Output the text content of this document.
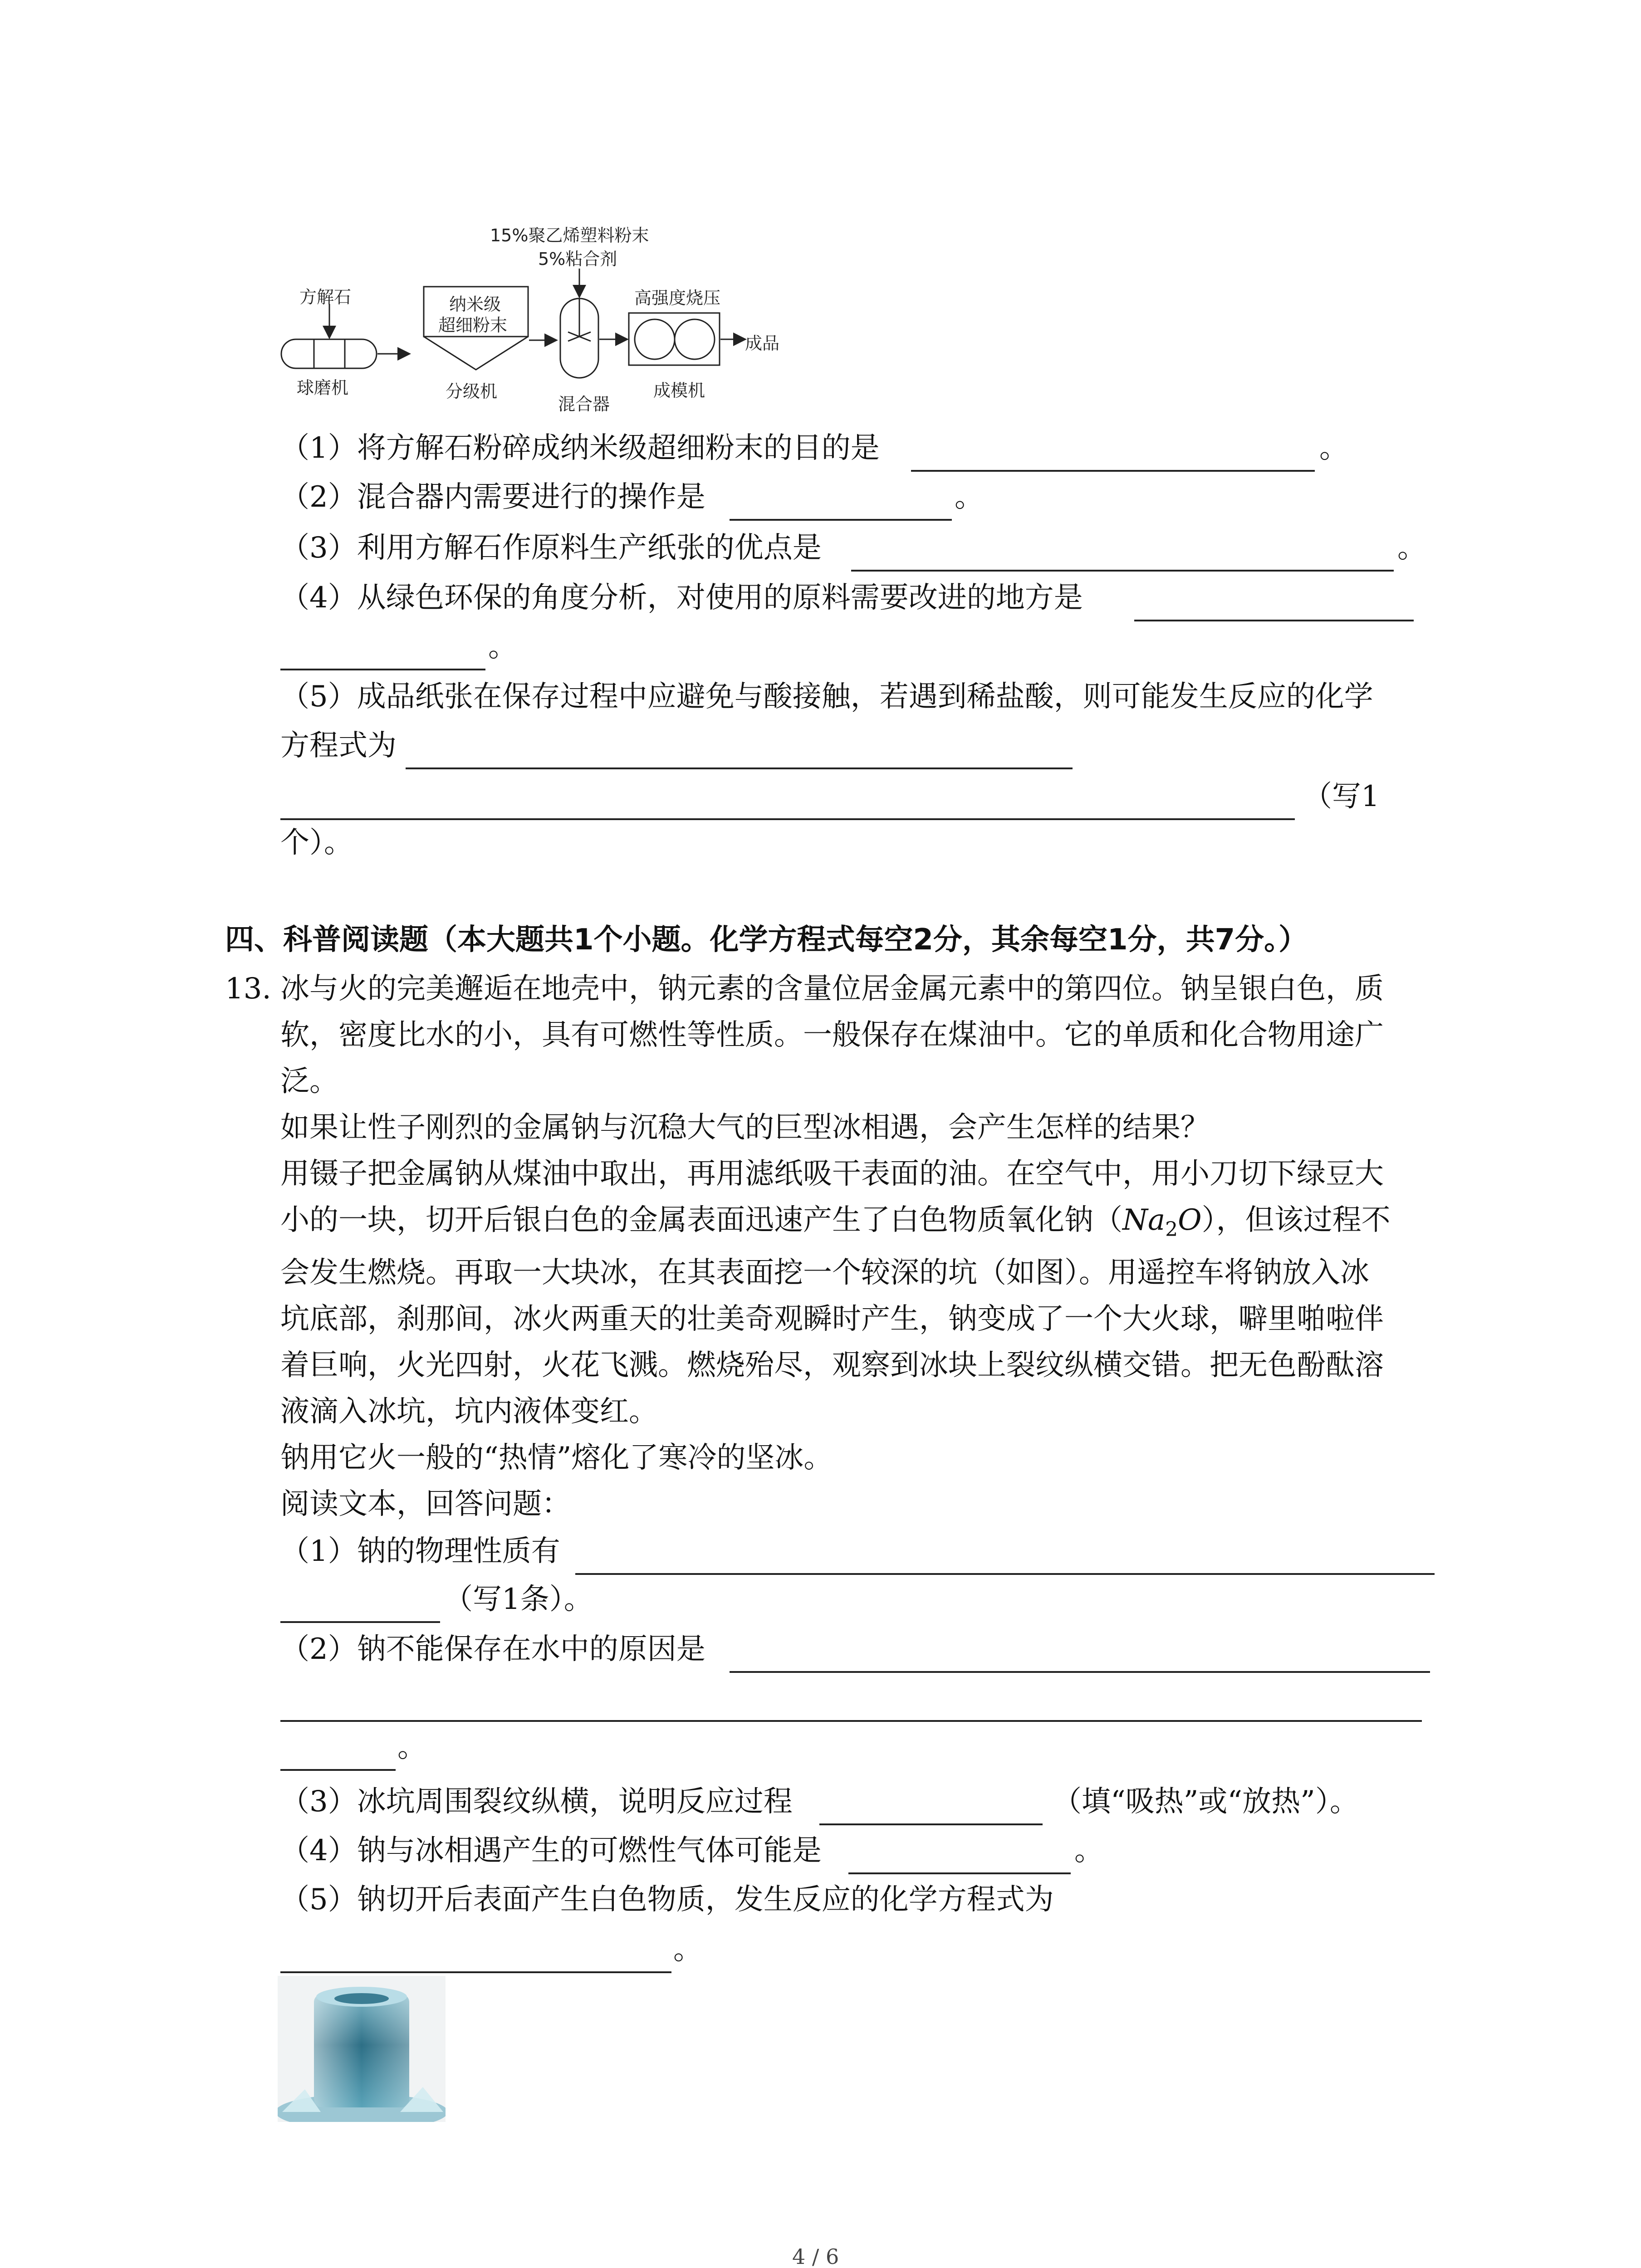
15%聚乙烯塑料粉末
5%粘合剂
方解石
球磨机
纳米级
超细粉末
分级机
混合器
高强度烧压
成模机
成品
（1）将方解石粉碎成纳米级超细粉末的目的是	。
（2）混合器内需要进行的操作是	。
（3）利用方解石作原料生产纸张的优点是	。
（4）从绿色环保的角度分析，对使用的原料需要改进的地方是
。
（5）成品纸张在保存过程中应避免与酸接触，若遇到稀盐酸，则可能发生反应的化学
方程式为
（写1
个）。
四、科普阅读题（本大题共1个小题。化学方程式每空2分，其余每空1分，共7分。）
13. 冰与火的完美邂逅在地壳中，钠元素的含量位居金属元素中的第四位。钠呈银白色，质
软，密度比水的小，具有可燃性等性质。一般保存在煤油中。它的单质和化合物用途广
泛。
如果让性子刚烈的金属钠与沉稳大气的巨型冰相遇，会产生怎样的结果？
用镊子把金属钠从煤油中取出，再用滤纸吸干表面的油。在空气中，用小刀切下绿豆大
小的一块，切开后银白色的金属表面迅速产生了白色物质氧化钠$(Na_2O)$，但该过程不
会发生燃烧。再取一大块冰，在其表面挖一个较深的坑（如图）。用遥控车将钠放入冰
坑底部，刹那间，冰火两重天的壮美奇观瞬时产生，钠变成了一个大火球，噼里啪啦伴
着巨响，火光四射，火花飞溅。燃烧殆尽，观察到冰块上裂纹纵横交错。把无色酚酞溶
液滴入冰坑，坑内液体变红。
钠用它火一般的“热情”熔化了寒冷的坚冰。
阅读文本，回答问题：
（1）钠的物理性质有
（写1条）。
（2）钠不能保存在水中的原因是
。
（3）冰坑周围裂纹纵横，说明反应过程	（填“吸热”或“放热”）。
（4）钠与冰相遇产生的可燃性气体可能是	。
（5）钠切开后表面产生白色物质，发生反应的化学方程式为
。
4 / 6
